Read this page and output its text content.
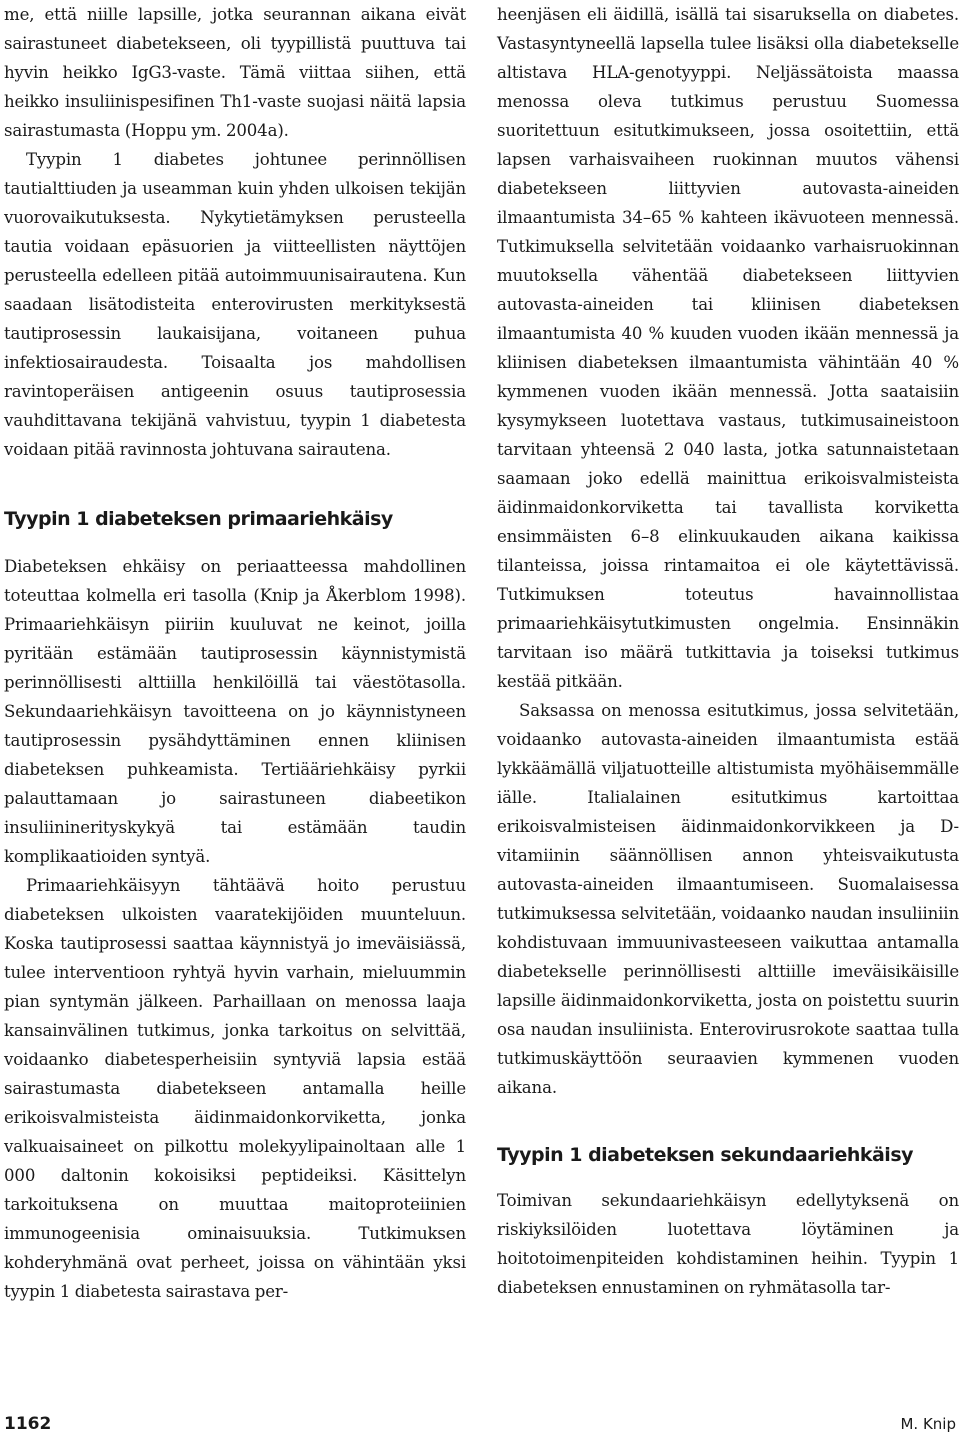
me, että niille lapsille, jotka seurannan aikana eivät sairastuneet diabetekseen, oli tyypillistä puuttuva tai hyvin heikko IgG3-vaste. Tämä viittaa siihen, että heikko insuliinispesifinen Th1-vaste suojasi näitä lapsia sairastumasta (Hoppu ym. 2004a).

Tyypin 1 diabetes johtunee perinnöllisen tautialttiuden ja useamman kuin yhden ulkoisen tekijän vuorovaikutuksesta. Nykytietämyksen perusteella tautia voidaan epäsuorien ja viitteellisten näyttöjen perusteella edelleen pitää autoimmuunisairautena. Kun saadaan lisätodisteita enterovirusten merkityksestä tautiprosessin laukaisijana, voitaneen puhua infektiosairaudesta. Toisaalta jos mahdollisen ravintoperäisen antigeenin osuus tautiprosessia vauhdittavana tekijänä vahvistuu, tyypin 1 diabetesta voidaan pitää ravinnosta johtuvana sairautena.

Tyypin 1 diabeteksen primaariehkäisy

Diabeteksen ehkäisy on periaatteessa mahdollinen toteuttaa kolmella eri tasolla (Knip ja Åkerblom 1998). Primaariehkäisyn piiriin kuuluvat ne keinot, joilla pyritään estämään tautiprosessin käynnistymistä perinnöllisesti alttiilla henkilöillä tai väestötasolla. Sekundaariehkäisyn tavoitteena on jo käynnistyneen tautiprosessin pysähdyttäminen ennen kliinisen diabeteksen puhkeamista. Tertiääriehkäisy pyrkii palauttamaan jo sairastuneen diabeetikon insuliininerityskykyä tai estämään taudin komplikaatioiden syntyä.

Primaariehkäisyyn tähtäävä hoito perustuu diabeteksen ulkoisten vaaratekijöiden muunteluun. Koska tautiprosessi saattaa käynnistyä jo imeväisiässä, tulee interventioon ryhtyä hyvin varhain, mieluummin pian syntymän jälkeen. Parhaillaan on menossa laaja kansainvälinen tutkimus, jonka tarkoitus on selvittää, voidaanko diabetesperheisiin syntyviä lapsia estää sairastumasta diabetekseen antamalla heille erikoisvalmisteista äidinmaidonkorviketta, jonka valkuaisaineet on pilkottu molekyylipainoltaan alle 1 000 daltonin kokoisiksi peptideiksi. Käsittelyn tarkoituksena on muuttaa maitoproteiinien immunogeenisia ominaisuuksia. Tutkimuksen kohderyhmänä ovat perheet, joissa on vähintään yksi tyypin 1 diabetesta sairastava per-

heenjäsen eli äidillä, isällä tai sisaruksella on diabetes. Vastasyntyneellä lapsella tulee lisäksi olla diabetekselle altistava HLA-genotyyppi. Neljässätoista maassa menossa oleva tutkimus perustuu Suomessa suoritettuun esitutkimukseen, jossa osoitettiin, että lapsen varhaisvaiheen ruokinnan muutos vähensi diabetekseen liittyvien autovasta-aineiden ilmaantumista 34–65 % kahteen ikävuoteen mennessä. Tutkimuksella selvitetään voidaanko varhaisruokinnan muutoksella vähentää diabetekseen liittyvien autovasta-aineiden tai kliinisen diabeteksen ilmaantumista 40 % kuuden vuoden ikään mennessä ja kliinisen diabeteksen ilmaantumista vähintään 40 % kymmenen vuoden ikään mennessä. Jotta saataisiin kysymykseen luotettava vastaus, tutkimusaineistoon tarvitaan yhteensä 2 040 lasta, jotka satunnaistetaan saamaan joko edellä mainittua erikoisvalmisteista äidinmaidonkorviketta tai tavallista korviketta ensimmäisten 6–8 elinkuukauden aikana kaikissa tilanteissa, joissa rintamaitoa ei ole käytettävissä. Tutkimuksen toteutus havainnollistaa primaariehkäisytutkimusten ongelmia. Ensinnäkin tarvitaan iso määrä tutkittavia ja toiseksi tutkimus kestää pitkään.

Saksassa on menossa esitutkimus, jossa selvitetään, voidaanko autovasta-aineiden ilmaantumista estää lykkäämällä viljatuotteille altistumista myöhäisemmälle iälle. Italialainen esitutkimus kartoittaa erikoisvalmisteisen äidinmaidonkorvikkeen ja D-vitamiinin säännöllisen annon yhteisvaikutusta autovasta-aineiden ilmaantumiseen. Suomalaisessa tutkimuksessa selvitetään, voidaanko naudan insuliiniin kohdistuvaan immuunivasteeseen vaikuttaa antamalla diabetekselle perinnöllisesti alttiille imeväisikäisille lapsille äidinmaidonkorviketta, josta on poistettu suurin osa naudan insuliinista. Enterovirusrokote saattaa tulla tutkimuskäyttöön seuraavien kymmenen vuoden aikana.

Tyypin 1 diabeteksen sekundaariehkäisy

Toimivan sekundaariehkäisyn edellytyksenä on riskiyksilöiden luotettava löytäminen ja hoitotoimenpiteiden kohdistaminen heihin. Tyypin 1 diabeteksen ennustaminen on ryhmätasolla tar-

1162	M. Knip
